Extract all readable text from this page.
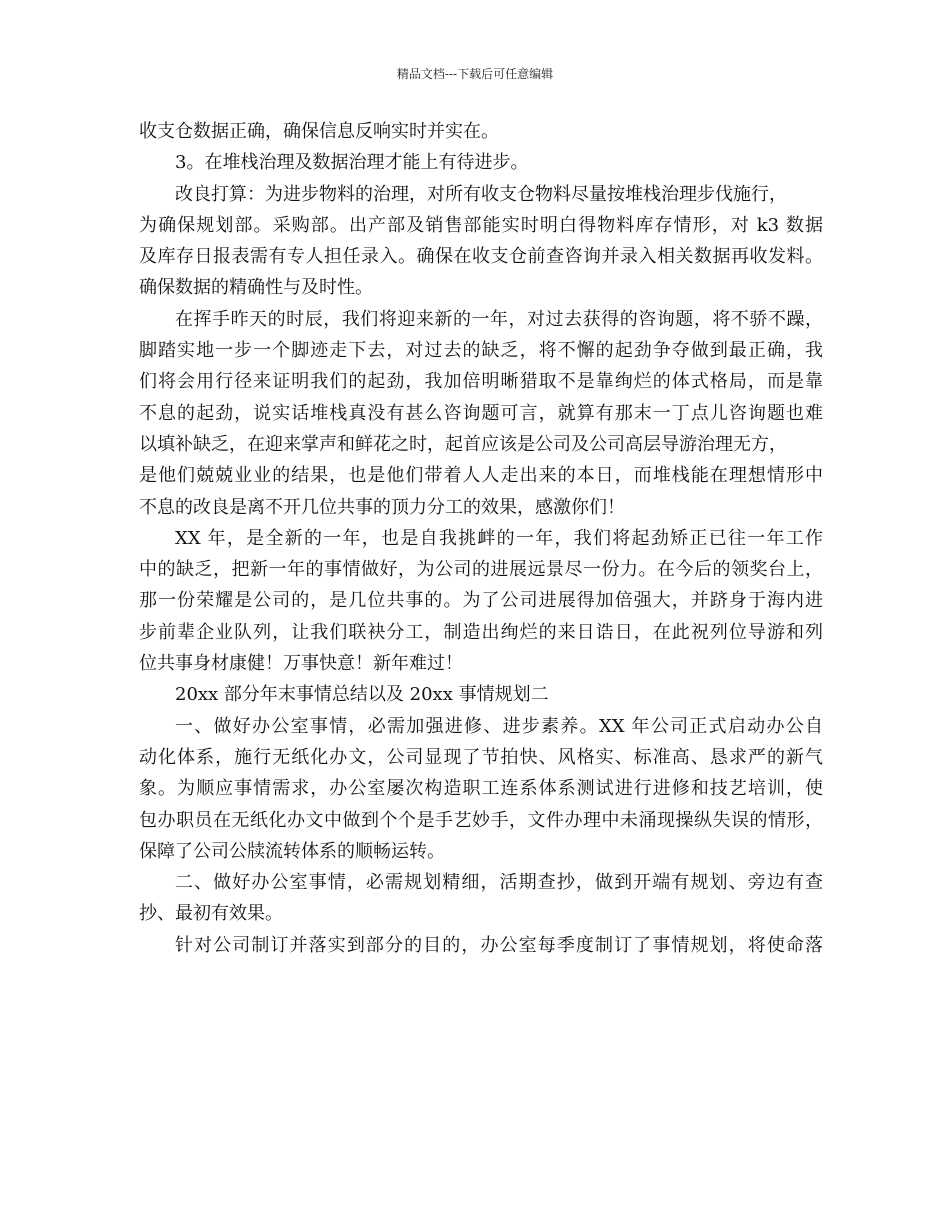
精品文档---下载后可任意编辑
收支仓数据正确，确保信息反响实时并实在。
3。在堆栈治理及数据治理才能上有待进步。
改良打算：为进步物料的治理，对所有收支仓物料尽量按堆栈治理步伐施行，
为确保规划部。采购部。出产部及销售部能实时明白得物料库存情形，对 k3 数据
及库存日报表需有专人担任录入。确保在收支仓前查咨询并录入相关数据再收发料。
确保数据的精确性与及时性。
在挥手昨天的时辰，我们将迎来新的一年，对过去获得的咨询题，将不骄不躁，
脚踏实地一步一个脚迹走下去，对过去的缺乏，将不懈的起劲争夺做到最正确，我
们将会用行径来证明我们的起劲，我加倍明晰猎取不是靠绚烂的体式格局，而是靠
不息的起劲，说实话堆栈真没有甚么咨询题可言，就算有那末一丁点儿咨询题也难
以填补缺乏，在迎来掌声和鲜花之时，起首应该是公司及公司高层导游治理无方，
是他们兢兢业业的结果，也是他们带着人人走出来的本日，而堆栈能在理想情形中
不息的改良是离不开几位共事的顶力分工的效果，感激你们！
XX 年，是全新的一年，也是自我挑衅的一年，我们将起劲矫正已往一年工作
中的缺乏，把新一年的事情做好，为公司的进展远景尽一份力。在今后的领奖台上，
那一份荣耀是公司的，是几位共事的。为了公司进展得加倍强大，并跻身于海内进
步前辈企业队列，让我们联袂分工，制造出绚烂的来日诰日，在此祝列位导游和列
位共事身材康健！万事快意！新年难过！
20xx 部分年末事情总结以及 20xx 事情规划二
一、做好办公室事情，必需加强进修、进步素养。XX 年公司正式启动办公自
动化体系，施行无纸化办文，公司显现了节拍快、风格实、标准高、恳求严的新气
象。为顺应事情需求，办公室屡次构造职工连系体系测试进行进修和技艺培训，使
包办职员在无纸化办文中做到个个是手艺妙手，文件办理中未涌现操纵失误的情形，
保障了公司公牍流转体系的顺畅运转。
二、做好办公室事情，必需规划精细，活期查抄，做到开端有规划、旁边有查
抄、最初有效果。
针对公司制订并落实到部分的目的，办公室每季度制订了事情规划，将使命落
